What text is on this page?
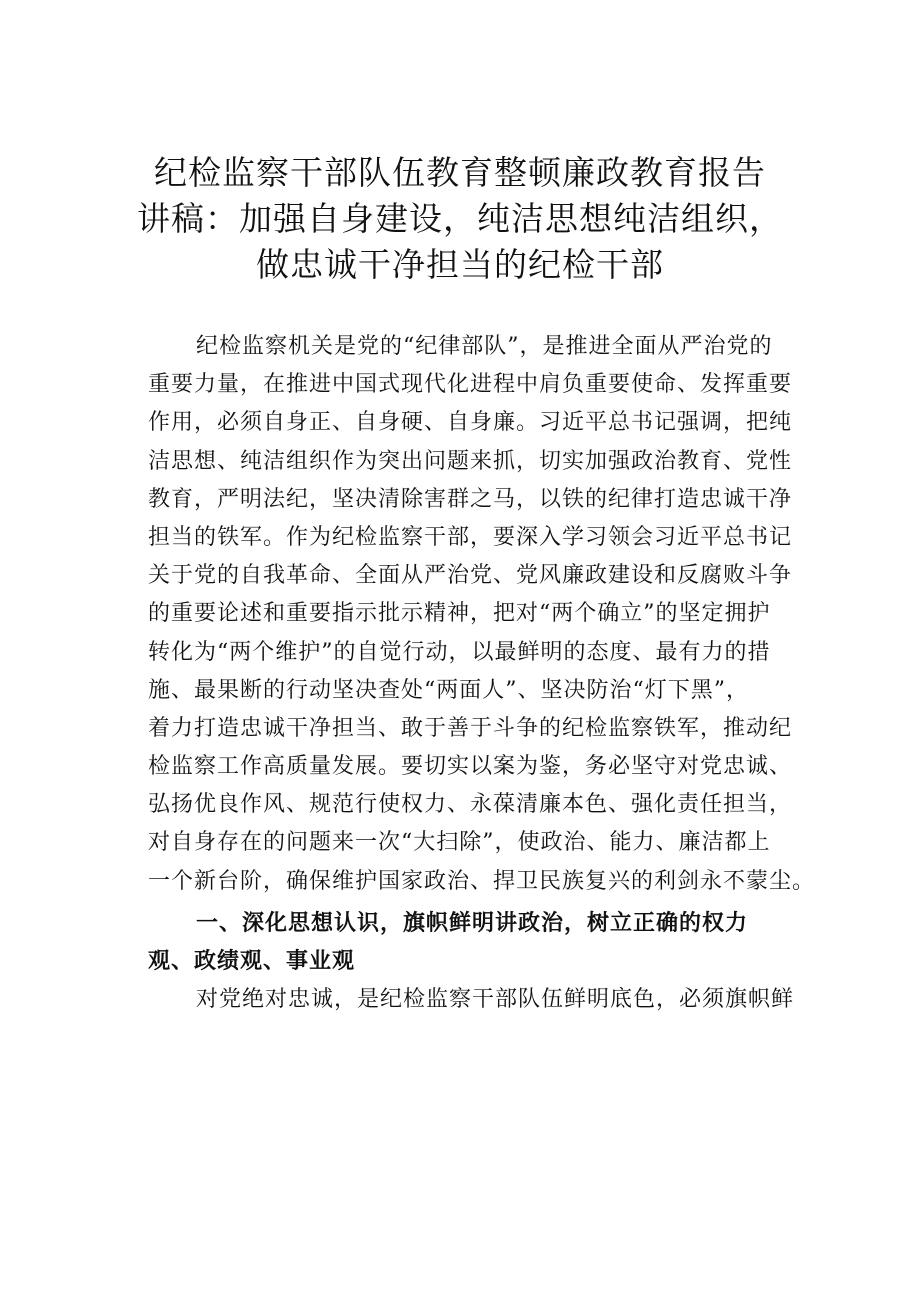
纪检监察干部队伍教育整顿廉政教育报告
讲稿：加强自身建设，纯洁思想纯洁组织，
做忠诚干净担当的纪检干部
纪检监察机关是党的“纪律部队”，是推进全面从严治党的
重要力量，在推进中国式现代化进程中肩负重要使命、发挥重要
作用，必须自身正、自身硬、自身廉。习近平总书记强调，把纯
洁思想、纯洁组织作为突出问题来抓，切实加强政治教育、党性
教育，严明法纪，坚决清除害群之马，以铁的纪律打造忠诚干净
担当的铁军。作为纪检监察干部，要深入学习领会习近平总书记
关于党的自我革命、全面从严治党、党风廉政建设和反腐败斗争
的重要论述和重要指示批示精神，把对“两个确立”的坚定拥护
转化为“两个维护”的自觉行动，以最鲜明的态度、最有力的措
施、最果断的行动坚决查处“两面人”、坚决防治“灯下黑”，
着力打造忠诚干净担当、敢于善于斗争的纪检监察铁军，推动纪
检监察工作高质量发展。要切实以案为鉴，务必坚守对党忠诚、
弘扬优良作风、规范行使权力、永葆清廉本色、强化责任担当，
对自身存在的问题来一次“大扫除”，使政治、能力、廉洁都上
一个新台阶，确保维护国家政治、捍卫民族复兴的利剑永不蒙尘。
一、深化思想认识，旗帜鲜明讲政治，树立正确的权力
观、政绩观、事业观
对党绝对忠诚，是纪检监察干部队伍鲜明底色，必须旗帜鲜
